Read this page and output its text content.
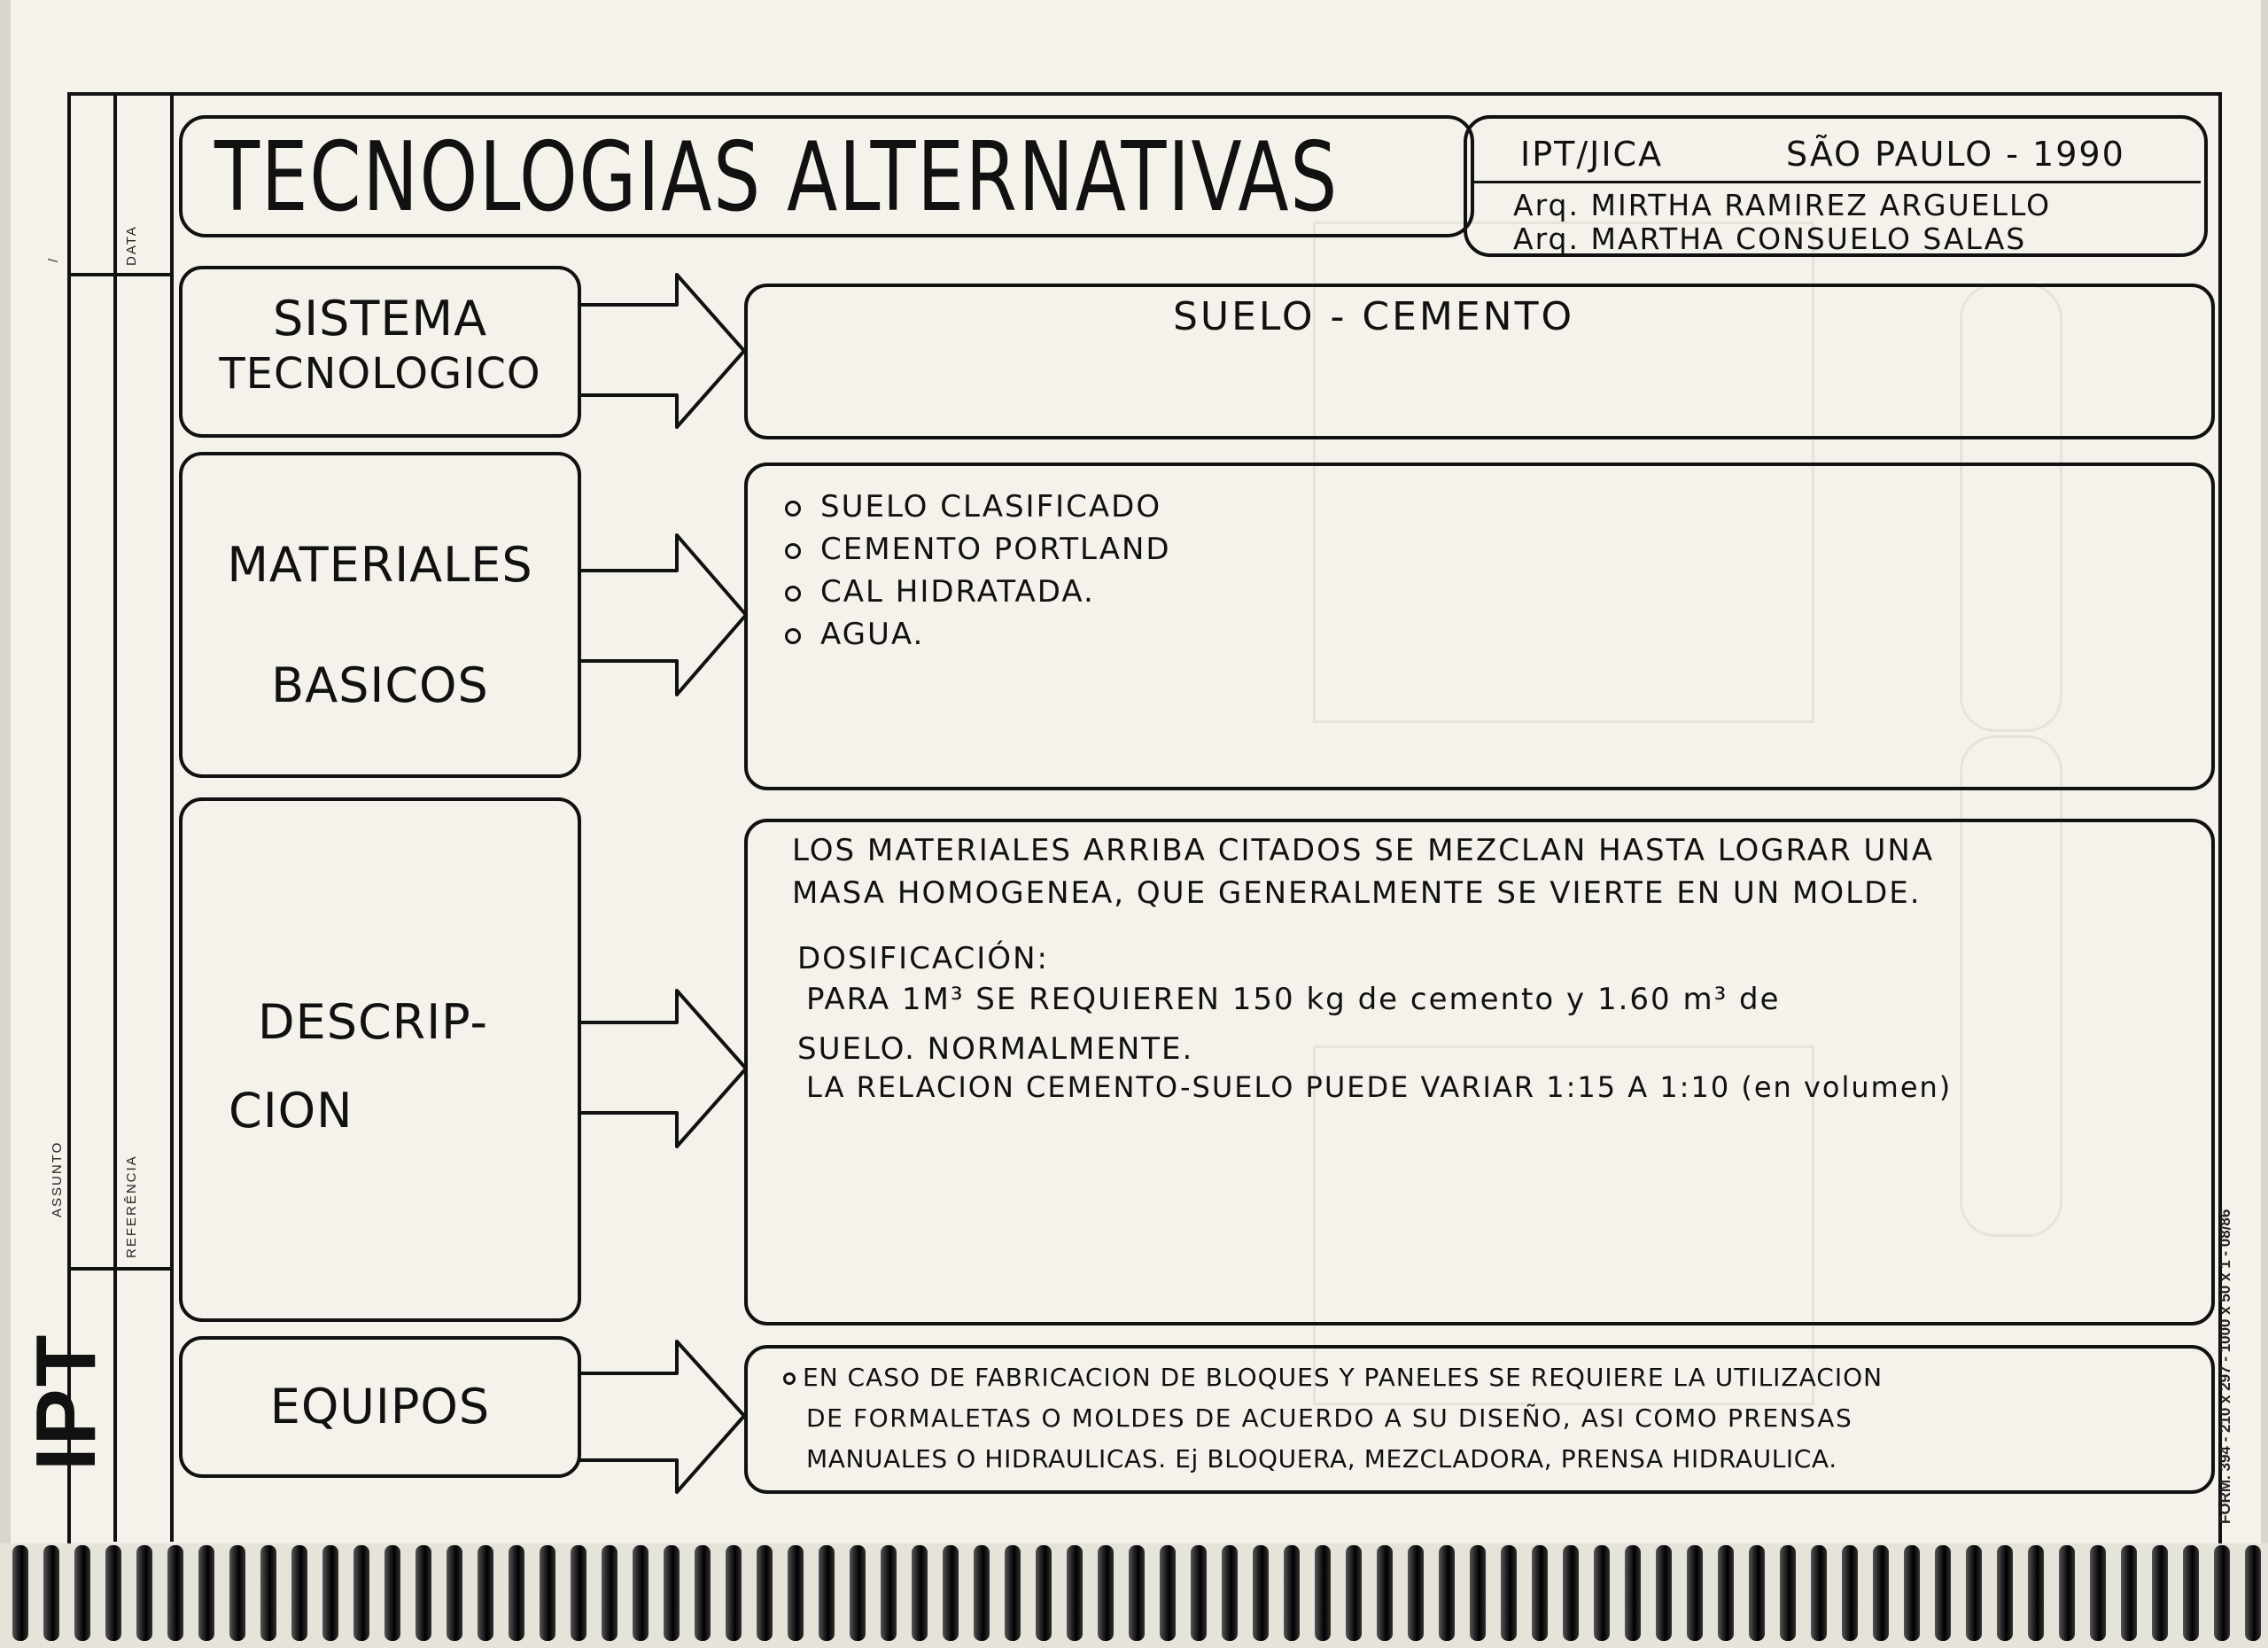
DATA
/
ASSUNTO	REFERÊNCIA
IPT	FORM. 394 - 210 x 297 - 1000 x 50 x 1 - 08/86
TECNOLOGIAS ALTERNATIVAS	IPT/JICA	SÃO PAULO - 1990
Arq. MIRTHA RAMIREZ ARGUELLO
Arq. MARTHA CONSUELO SALAS
SISTEMA
TECNOLOGICO
SUELO - CEMENTO
MATERIALES
BASICOS
SUELO CLASIFICADO
CEMENTO PORTLAND
CAL HIDRATADA.
AGUA.
DESCRIP-
CION
LOS MATERIALES ARRIBA CITADOS SE MEZCLAN HASTA LOGRAR UNA
MASA HOMOGENEA, QUE GENERALMENTE SE VIERTE EN UN MOLDE.
DOSIFICACIÓN:
PARA 1M³ SE REQUIEREN 150 kg de cemento y 1.60 m³ de
SUELO. NORMALMENTE.
LA RELACION CEMENTO-SUELO PUEDE VARIAR 1:15 A 1:10 (en volumen)
EQUIPOS
EN CASO DE FABRICACION DE BLOQUES Y PANELES SE REQUIERE LA UTILIZACION
DE FORMALETAS O MOLDES DE ACUERDO A SU DISEÑO, ASI COMO PRENSAS
MANUALES O HIDRAULICAS. Ej BLOQUERA, MEZCLADORA, PRENSA HIDRAULICA.
